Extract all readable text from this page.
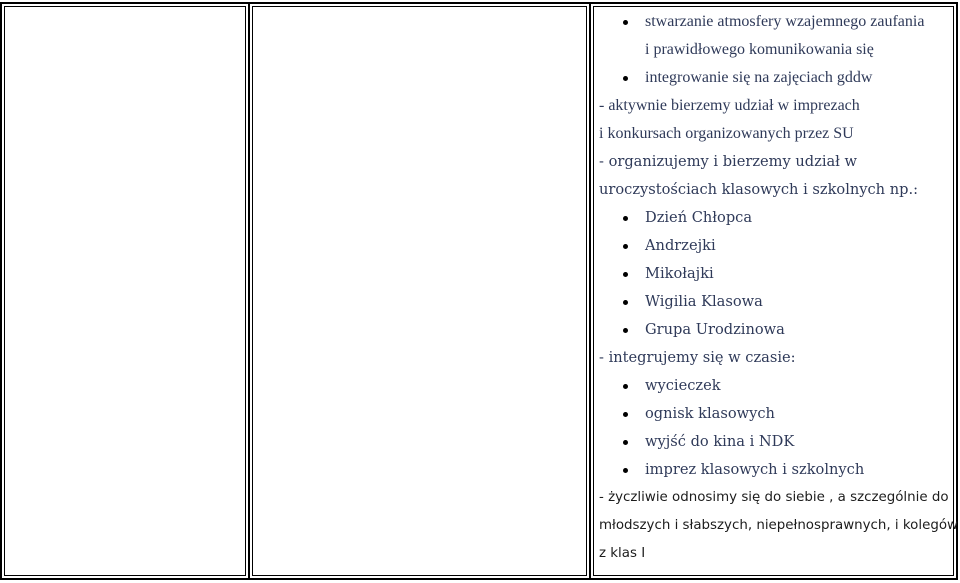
stwarzanie atmosfery wzajemnego zaufania
i prawidłowego komunikowania się
integrowanie się na zajęciach gddw
- aktywnie bierzemy udział w imprezach
i konkursach organizowanych przez SU
- organizujemy i bierzemy udział w
uroczystościach klasowych i szkolnych np.:
Dzień Chłopca
Andrzejki
Mikołajki
Wigilia Klasowa
Grupa Urodzinowa
- integrujemy się w czasie:
wycieczek
ognisk klasowych
wyjść do kina i NDK
imprez klasowych i szkolnych
- życzliwie odnosimy się do siebie , a szczególnie do
młodszych i słabszych, niepełnosprawnych, i kolegów
z klas I
